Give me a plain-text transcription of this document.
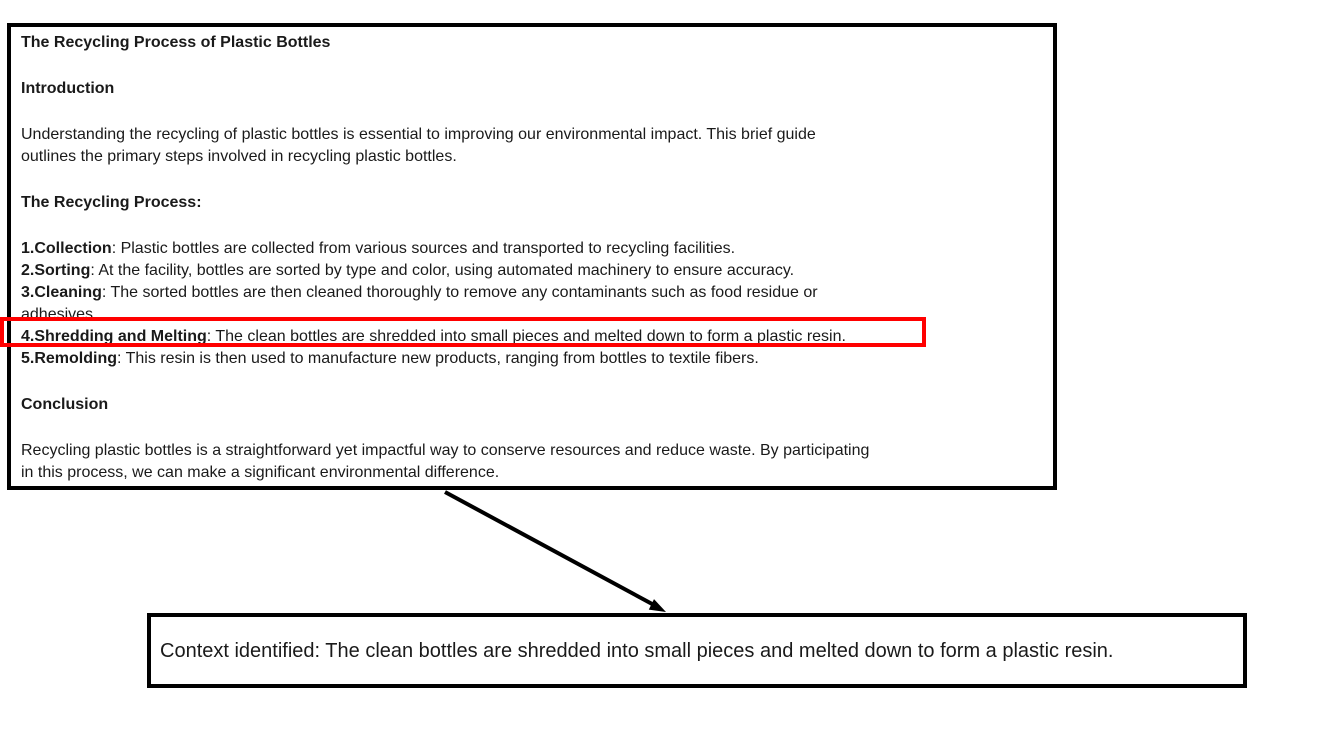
The Recycling Process of Plastic Bottles
Introduction
Understanding the recycling of plastic bottles is essential to improving our environmental impact. This brief guide
outlines the primary steps involved in recycling plastic bottles.
The Recycling Process:
1.Collection: Plastic bottles are collected from various sources and transported to recycling facilities.
2.Sorting: At the facility, bottles are sorted by type and color, using automated machinery to ensure accuracy.
3.Cleaning: The sorted bottles are then cleaned thoroughly to remove any contaminants such as food residue or
adhesives.
4.Shredding and Melting: The clean bottles are shredded into small pieces and melted down to form a plastic resin.
5.Remolding: This resin is then used to manufacture new products, ranging from bottles to textile fibers.
Conclusion
Recycling plastic bottles is a straightforward yet impactful way to conserve resources and reduce waste. By participating
in this process, we can make a significant environmental difference.
Context identified: The clean bottles are shredded into small pieces and melted down to form a plastic resin.
